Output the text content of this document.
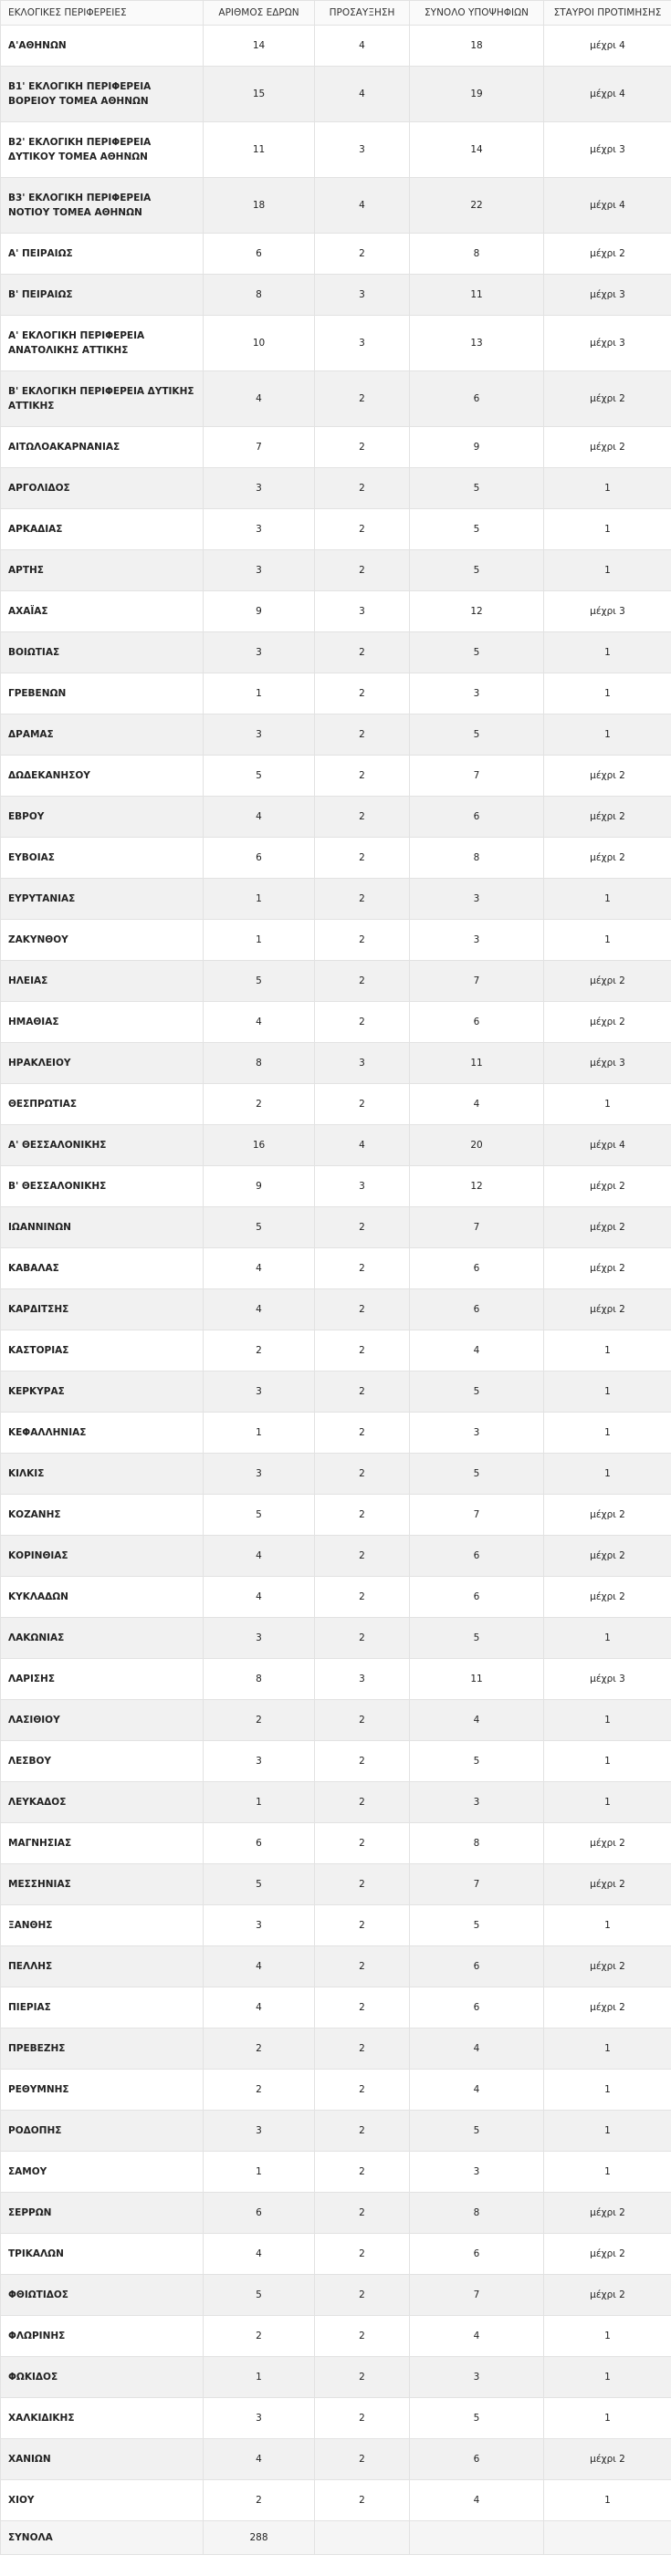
ΕΚΛΟΓΙΚΕΣ ΠΕΡΙΦΕΡΕΙΕΣ	ΑΡΙΘΜΟΣ ΕΔΡΩΝ	ΠΡΟΣΑΥΞΗΣΗ	ΣΥΝΟΛΟ ΥΠΟΨΗΦΙΩΝ	ΣΤΑΥΡΟΙ ΠΡΟΤΙΜΗΣΗΣ
Α'ΑΘΗΝΩΝ	14	4	18	μέχρι 4
Β1' ΕΚΛΟΓΙΚΗ ΠΕΡΙΦΕΡΕΙΑ ΒΟΡΕΙΟΥ ΤΟΜΕΑ ΑΘΗΝΩΝ	15	4	19	μέχρι 4
Β2' ΕΚΛΟΓΙΚΗ ΠΕΡΙΦΕΡΕΙΑ ΔΥΤΙΚΟΥ ΤΟΜΕΑ ΑΘΗΝΩΝ	11	3	14	μέχρι 3
Β3' ΕΚΛΟΓΙΚΗ ΠΕΡΙΦΕΡΕΙΑ ΝΟΤΙΟΥ ΤΟΜΕΑ ΑΘΗΝΩΝ	18	4	22	μέχρι 4
Α' ΠΕΙΡΑΙΩΣ	6	2	8	μέχρι 2
Β' ΠΕΙΡΑΙΩΣ	8	3	11	μέχρι 3
Α' ΕΚΛΟΓΙΚΗ ΠΕΡΙΦΕΡΕΙΑ ΑΝΑΤΟΛΙΚΗΣ ΑΤΤΙΚΗΣ	10	3	13	μέχρι 3
Β' ΕΚΛΟΓΙΚΗ ΠΕΡΙΦΕΡΕΙΑ ΔΥΤΙΚΗΣ ΑΤΤΙΚΗΣ	4	2	6	μέχρι 2
ΑΙΤΩΛΟΑΚΑΡΝΑΝΙΑΣ	7	2	9	μέχρι 2
ΑΡΓΟΛΙΔΟΣ	3	2	5	1
ΑΡΚΑΔΙΑΣ	3	2	5	1
ΑΡΤΗΣ	3	2	5	1
ΑΧΑΪΑΣ	9	3	12	μέχρι 3
ΒΟΙΩΤΙΑΣ	3	2	5	1
ΓΡΕΒΕΝΩΝ	1	2	3	1
ΔΡΑΜΑΣ	3	2	5	1
ΔΩΔΕΚΑΝΗΣΟΥ	5	2	7	μέχρι 2
ΕΒΡΟΥ	4	2	6	μέχρι 2
ΕΥΒΟΙΑΣ	6	2	8	μέχρι 2
ΕΥΡΥΤΑΝΙΑΣ	1	2	3	1
ΖΑΚΥΝΘΟΥ	1	2	3	1
ΗΛΕΙΑΣ	5	2	7	μέχρι 2
ΗΜΑΘΙΑΣ	4	2	6	μέχρι 2
ΗΡΑΚΛΕΙΟΥ	8	3	11	μέχρι 3
ΘΕΣΠΡΩΤΙΑΣ	2	2	4	1
Α' ΘΕΣΣΑΛΟΝΙΚΗΣ	16	4	20	μέχρι 4
Β' ΘΕΣΣΑΛΟΝΙΚΗΣ	9	3	12	μέχρι 2
ΙΩΑΝΝΙΝΩΝ	5	2	7	μέχρι 2
ΚΑΒΑΛΑΣ	4	2	6	μέχρι 2
ΚΑΡΔΙΤΣΗΣ	4	2	6	μέχρι 2
ΚΑΣΤΟΡΙΑΣ	2	2	4	1
ΚΕΡΚΥΡΑΣ	3	2	5	1
ΚΕΦΑΛΛΗΝΙΑΣ	1	2	3	1
ΚΙΛΚΙΣ	3	2	5	1
ΚΟΖΑΝΗΣ	5	2	7	μέχρι 2
ΚΟΡΙΝΘΙΑΣ	4	2	6	μέχρι 2
ΚΥΚΛΑΔΩΝ	4	2	6	μέχρι 2
ΛΑΚΩΝΙΑΣ	3	2	5	1
ΛΑΡΙΣΗΣ	8	3	11	μέχρι 3
ΛΑΣΙΘΙΟΥ	2	2	4	1
ΛΕΣΒΟΥ	3	2	5	1
ΛΕΥΚΑΔΟΣ	1	2	3	1
ΜΑΓΝΗΣΙΑΣ	6	2	8	μέχρι 2
ΜΕΣΣΗΝΙΑΣ	5	2	7	μέχρι 2
ΞΑΝΘΗΣ	3	2	5	1
ΠΕΛΛΗΣ	4	2	6	μέχρι 2
ΠΙΕΡΙΑΣ	4	2	6	μέχρι 2
ΠΡΕΒΕΖΗΣ	2	2	4	1
ΡΕΘΥΜΝΗΣ	2	2	4	1
ΡΟΔΟΠΗΣ	3	2	5	1
ΣΑΜΟΥ	1	2	3	1
ΣΕΡΡΩΝ	6	2	8	μέχρι 2
ΤΡΙΚΑΛΩΝ	4	2	6	μέχρι 2
ΦΘΙΩΤΙΔΟΣ	5	2	7	μέχρι 2
ΦΛΩΡΙΝΗΣ	2	2	4	1
ΦΩΚΙΔΟΣ	1	2	3	1
ΧΑΛΚΙΔΙΚΗΣ	3	2	5	1
ΧΑΝΙΩΝ	4	2	6	μέχρι 2
ΧΙΟΥ	2	2	4	1
ΣΥΝΟΛΑ	288			
